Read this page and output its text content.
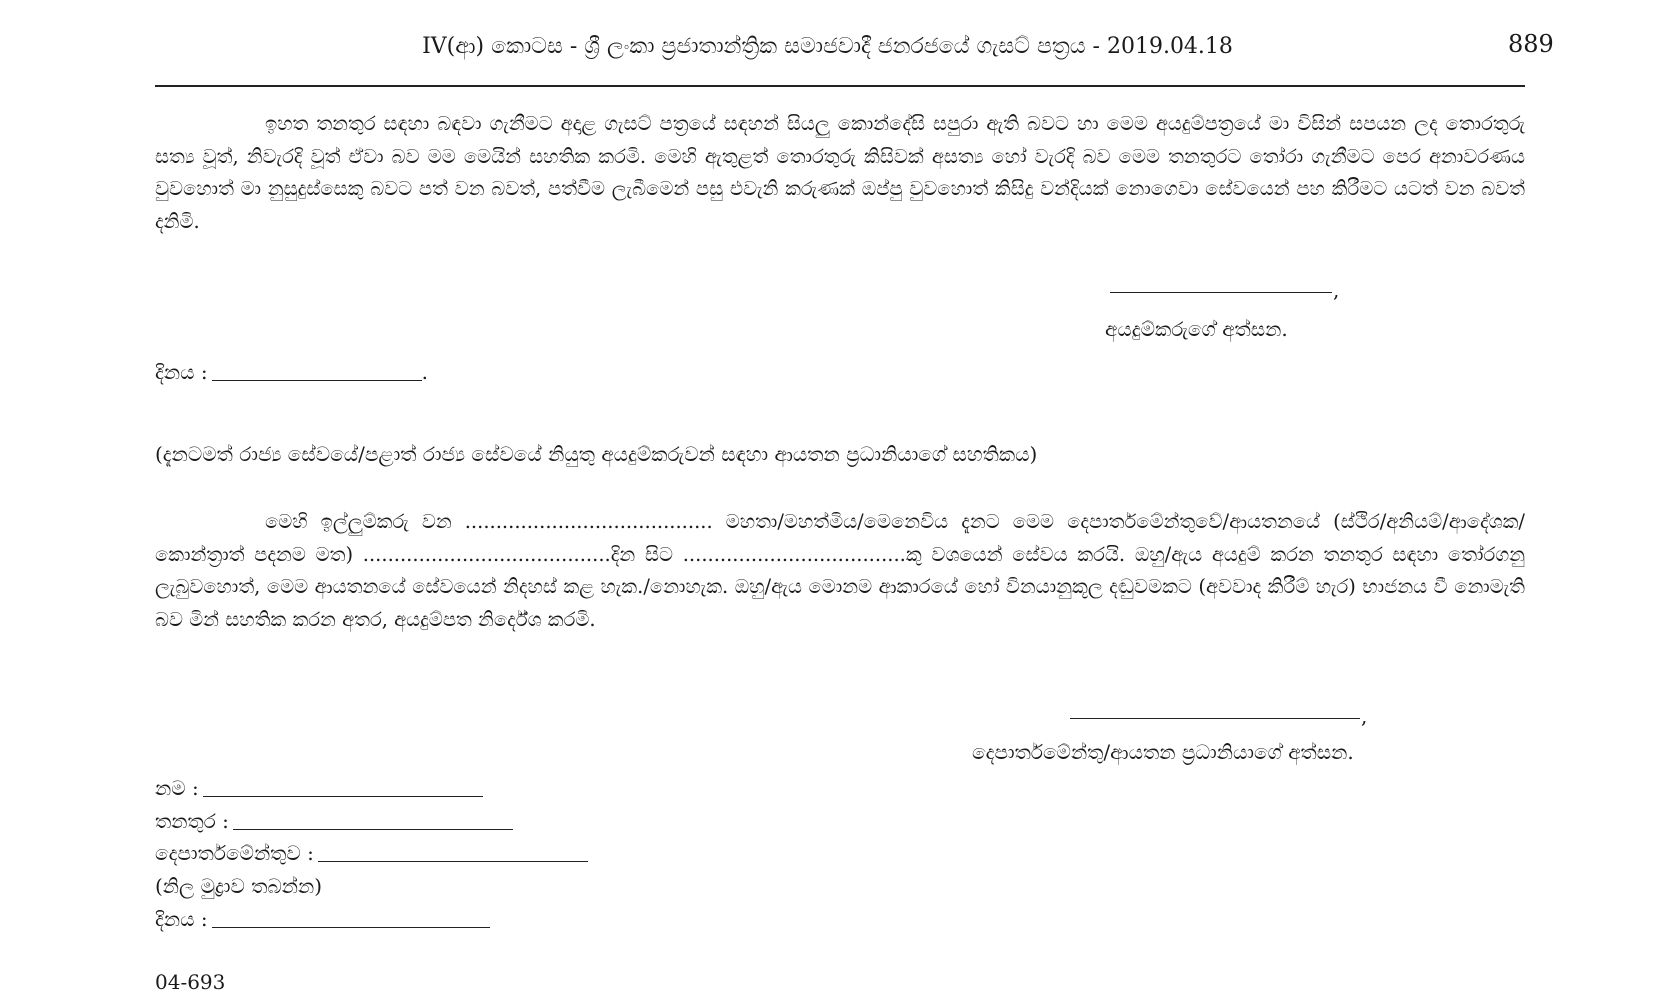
IV(ආ) කොටස - ශ්‍රී ලංකා ප්‍රජාතාන්ත්‍රික සමාජවාදී ජනරජයේ ගැසට් පත්‍රය - 2019.04.18	889
ඉහත තනතුර සඳහා බඳවා ගැනීමට අදාළ ගැසට් පත්‍රයේ සඳහන් සියලු කොන්දේසි සපුරා ඇති බවට හා මෙම අයදුම්පත්‍රයේ මා විසින් සපයන ලද තොරතුරු සත්‍ය වූත්, නිවැරදි වූත් ඒවා බව මම මෙයින් සහතික කරමි. මෙහි ඇතුළත් තොරතුරු කිසිවක් අසත්‍ය හෝ වැරදි බව මෙම තනතුරට තෝරා ගැනීමට පෙර අනාවරණය වුවහොත් මා නුසුදුස්සෙකු බවට පත් වන බවත්, පත්වීම ලැබීමෙන් පසු එවැනි කරුණක් ඔප්පු වුවහොත් කිසිදු වන්දියක් නොගෙවා සේවයෙන් පහ කිරීමට යටත් වන බවත් දනිමි.
,
අයදුම්කරුගේ අත්සන.
දිනය :	.
(දැනටමත් රාජ්‍ය සේවයේ/පළාත් රාජ්‍ය සේවයේ නියුතු අයදුම්කරුවන් සඳහා ආයතන ප්‍රධානියාගේ සහතිකය)
මෙහි ඉල්ලුම්කරු වන ........................................ මහතා/මහත්මිය/මෙනෙවිය දැනට මෙම දෙපාර්තමේන්තුවේ/ආයතනයේ (ස්ථිර/අනියම්/ආදේශක/කොන්ත්‍රාත් පදනම මත) ........................................දින සිට ....................................කු වශයෙන් සේවය කරයි. ඔහු/ඇය අයදුම් කරන තනතුර සඳහා තෝරගනු ලැබුවහොත්, මෙම ආයතනයේ සේවයෙන් නිදහස් කළ හැක./නොහැක. ඔහු/ඇය මොනම ආකාරයේ හෝ විනයානුකූල දඬුවමකට (අවවාද කිරීම් හැර) භාජනය වී නොමැති බව මින් සහතික කරන අතර, අයදුම්පත නිර්දේශ කරමි.
,
දෙපාර්තමේන්තු/ආයතන ප්‍රධානියාගේ අත්සන.
නම :
තනතුර :
දෙපාර්තමේන්තුව :
(නිල මුද්‍රාව තබන්න)
දිනය :
04-693
